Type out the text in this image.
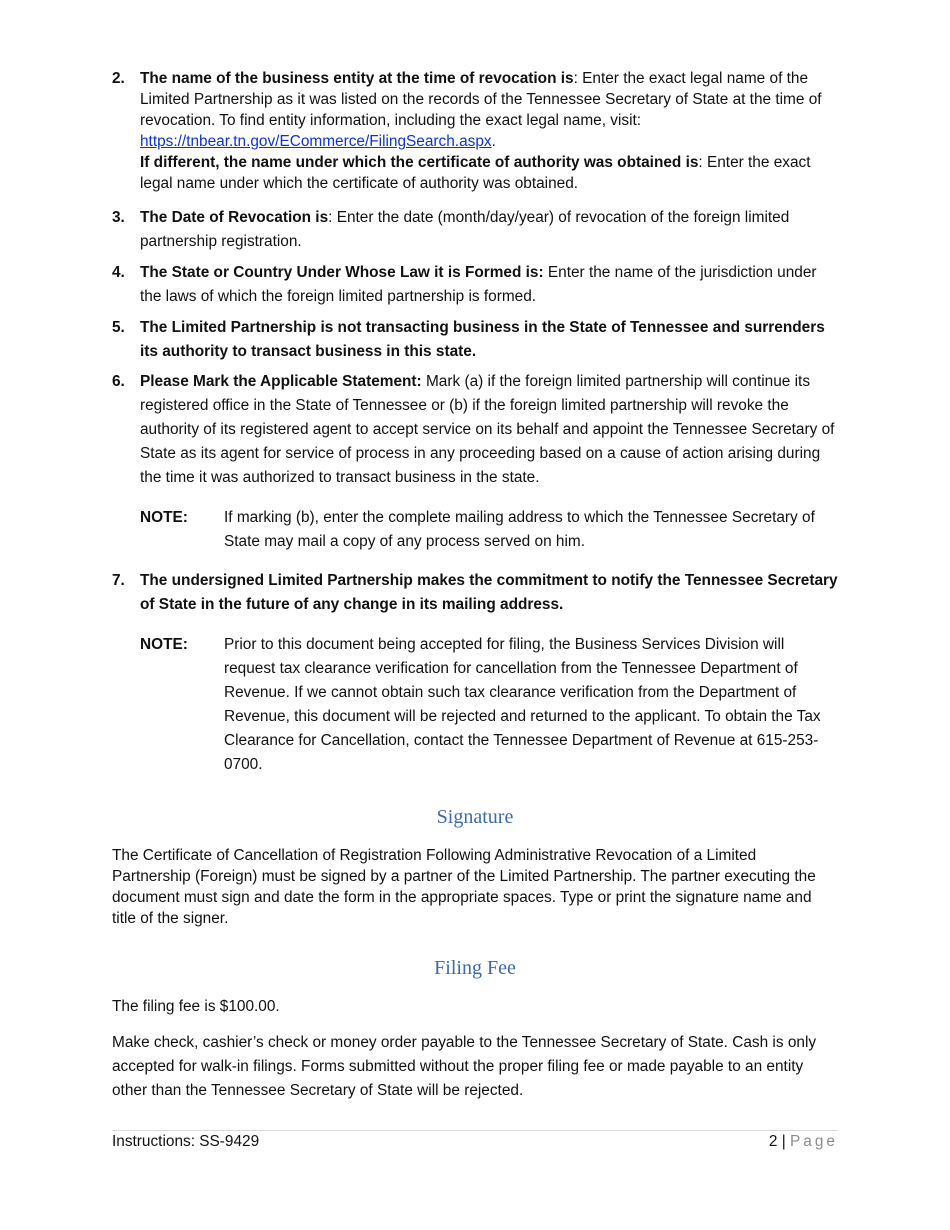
2. The name of the business entity at the time of revocation is: Enter the exact legal name of the Limited Partnership as it was listed on the records of the Tennessee Secretary of State at the time of revocation. To find entity information, including the exact legal name, visit: https://tnbear.tn.gov/ECommerce/FilingSearch.aspx.

If different, the name under which the certificate of authority was obtained is: Enter the exact legal name under which the certificate of authority was obtained.

3. The Date of Revocation is: Enter the date (month/day/year) of revocation of the foreign limited partnership registration.

4. The State or Country Under Whose Law it is Formed is: Enter the name of the jurisdiction under the laws of which the foreign limited partnership is formed.

5. The Limited Partnership is not transacting business in the State of Tennessee and surrenders its authority to transact business in this state.

6. Please Mark the Applicable Statement: Mark (a) if the foreign limited partnership will continue its registered office in the State of Tennessee or (b) if the foreign limited partnership will revoke the authority of its registered agent to accept service on its behalf and appoint the Tennessee Secretary of State as its agent for service of process in any proceeding based on a cause of action arising during the time it was authorized to transact business in the state.

NOTE: If marking (b), enter the complete mailing address to which the Tennessee Secretary of State may mail a copy of any process served on him.
7. The undersigned Limited Partnership makes the commitment to notify the Tennessee Secretary of State in the future of any change in its mailing address.

NOTE: Prior to this document being accepted for filing, the Business Services Division will request tax clearance verification for cancellation from the Tennessee Department of Revenue. If we cannot obtain such tax clearance verification from the Department of Revenue, this document will be rejected and returned to the applicant. To obtain the Tax Clearance for Cancellation, contact the Tennessee Department of Revenue at 615-253-0700.
Signature

The Certificate of Cancellation of Registration Following Administrative Revocation of a Limited Partnership (Foreign) must be signed by a partner of the Limited Partnership. The partner executing the document must sign and date the form in the appropriate spaces. Type or print the signature name and title of the signer.

Filing Fee

The filing fee is $100.00.

Make check, cashier’s check or money order payable to the Tennessee Secretary of State. Cash is only accepted for walk-in filings. Forms submitted without the proper filing fee or made payable to an entity other than the Tennessee Secretary of State will be rejected.

Instructions: SS-9429	2 | Page
